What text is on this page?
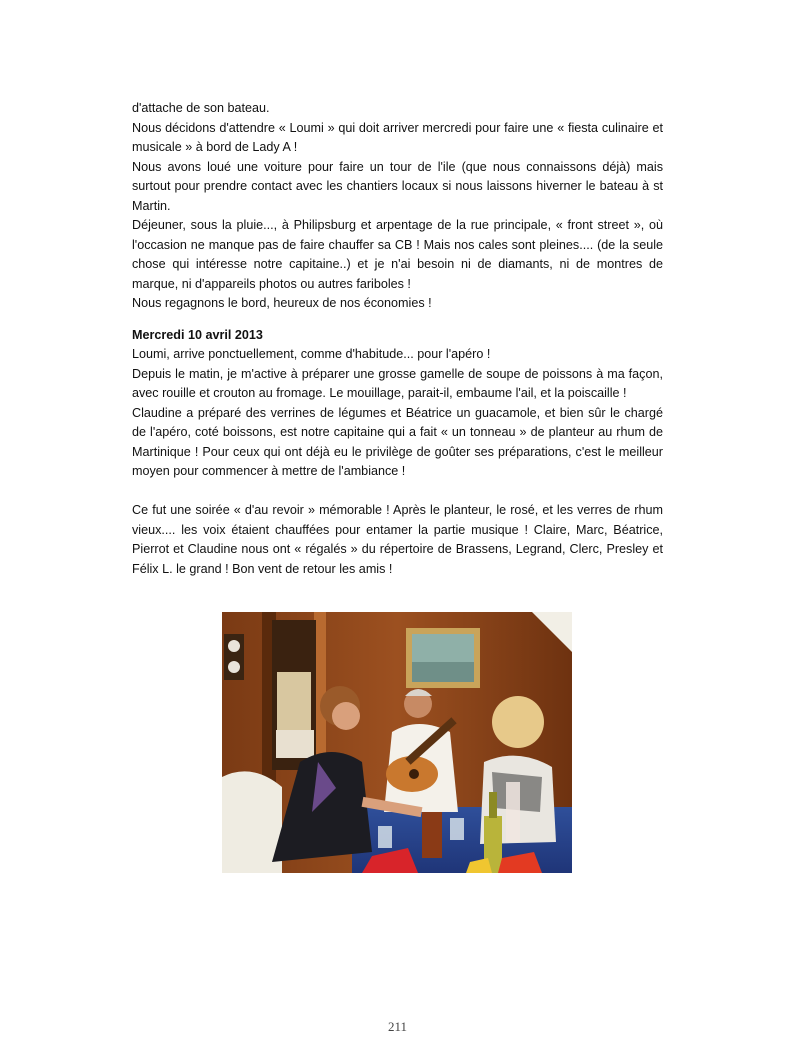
d'attache de son bateau.

Nous décidons d'attendre « Loumi » qui doit arriver mercredi pour faire une « fiesta culinaire et musicale » à bord de Lady A !

Nous avons loué une voiture pour faire un tour de l'ile (que nous connaissons déjà) mais surtout pour prendre contact avec les chantiers locaux si nous laissons hiverner le bateau à st Martin.

Déjeuner, sous la pluie..., à Philipsburg et arpentage de la rue principale, « front street », où l'occasion ne manque pas de faire chauffer sa CB ! Mais nos cales sont pleines.... (de la seule chose qui intéresse notre capitaine..) et je n'ai besoin ni de diamants, ni de montres de marque, ni d'appareils photos ou autres fariboles !

Nous regagnons le bord, heureux de nos économies !

Mercredi 10 avril 2013

Loumi, arrive ponctuellement, comme d'habitude... pour l'apéro !

Depuis le matin, je m'active à préparer une grosse gamelle de soupe de poissons à ma façon, avec rouille et crouton au fromage. Le mouillage, parait-il, embaume l'ail, et la poiscaille !

Claudine a préparé des verrines de légumes et Béatrice un guacamole, et bien sûr le chargé de l'apéro, coté boissons, est notre capitaine qui a fait « un tonneau » de planteur au rhum de Martinique ! Pour ceux qui ont déjà eu le privilège de goûter ses préparations, c'est le meilleur moyen pour commencer à mettre de l'ambiance !

Ce fut une soirée « d'au revoir » mémorable ! Après le planteur, le rosé, et les verres de rhum vieux.... les voix étaient chauffées pour entamer la partie musique ! Claire, Marc, Béatrice, Pierrot et Claudine nous ont « régalés » du répertoire de Brassens, Legrand, Clerc, Presley et Félix L. le grand ! Bon vent de retour les amis !

211
